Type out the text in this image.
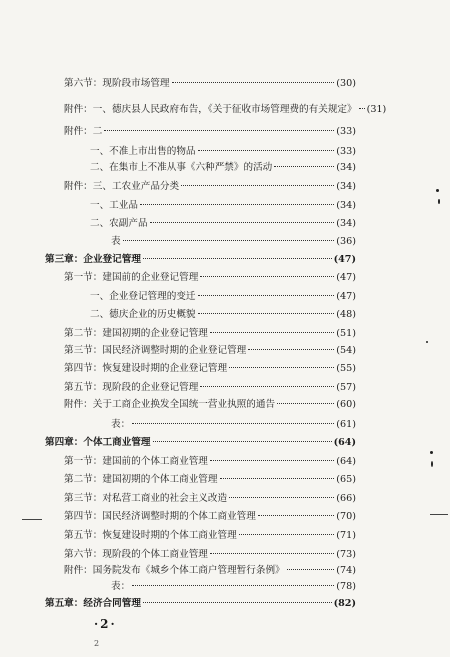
第六节：现阶段市场管理	(30)
附件：一、德庆县人民政府布告，《关于征收市场管理费的有关规定》 (31)
附件：二	(33)
一、不准上市出售的物品	(33)
二、在集市上不准从事《六种严禁》的活动	(34)
附件：三、工农业产品分类	(34)
一、工业品	(34)
二、农副产品	(34)
表	(36)
第三章：企业登记管理	(47)
第一节：建国前的企业登记管理	(47)
一、企业登记管理的变迁	(47)
二、德庆企业的历史概貌	(48)
第二节：建国初期的企业登记管理	(51)
第三节：国民经济调整时期的企业登记管理	(54)
第四节：恢复建设时期的企业登记管理	(55)
第五节：现阶段的企业登记管理	(57)
附件：关于工商企业换发全国统一营业执照的通告	(60)
表：	(61)
第四章：个体工商业管理	(64)
第一节：建国前的个体工商业管理	(64)
第二节：建国初期的个体工商业管理	(65)
第三节：对私营工商业的社会主义改造	(66)
第四节：国民经济调整时期的个体工商业管理	(70)
第五节：恢复建设时期的个体工商业管理	(71)
第六节：现阶段的个体工商业管理	(73)
附件：国务院发布《城乡个体工商户管理暂行条例》	(74)
表：	(78)
第五章：经济合同管理	(82)
·2·
2
